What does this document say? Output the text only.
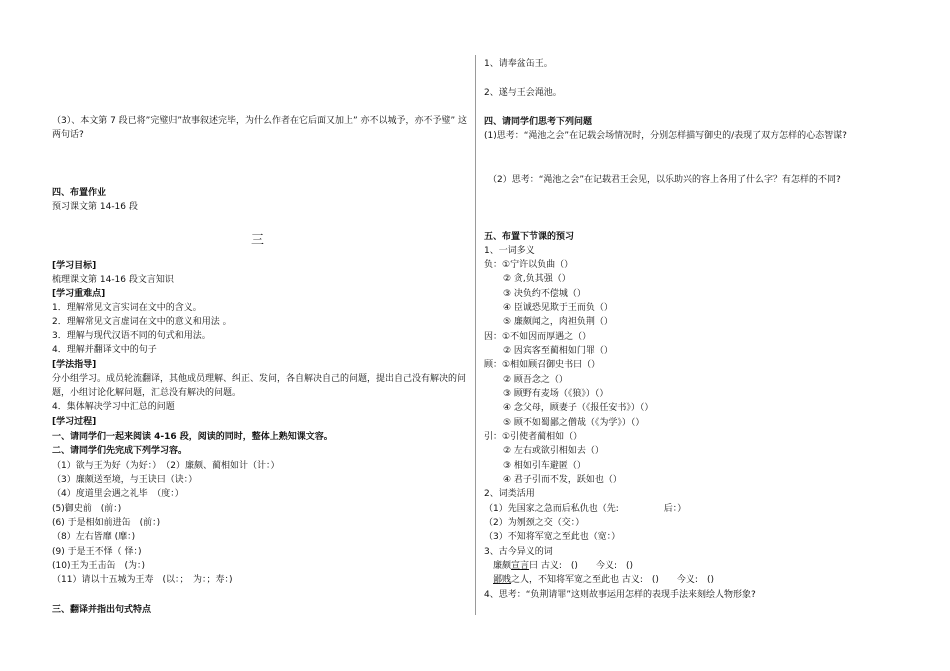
（3）、本文第 7 段已将”完璧归”故事叙述完毕，为什么作者在它后面又加上” 亦不以城予，亦不予璧” 这两句话?
四、布置作业
预习课文第 14-16 段
三
[学习目标]
梳理课文第 14-16 段文言知识
[学习重难点]
1．理解常见文言实词在文中的含义。
2．理解常见文言虚词在文中的意义和用法 。
3．理解与现代汉语不同的句式和用法。
4．理解并翻译文中的句子
[学法指导]
分小组学习。成员轮流翻译，其他成员理解、纠正、发问，各自解决自己的问题，提出自己没有解决的问题，小组讨论化解问题，汇总没有解决的问题。
4．集体解决学习中汇总的问题
[学习过程]
一、请同学们一起来阅读 4-16 段，阅读的同时，整体上熟知课文容。
二、请同学们先完成下列学习容。
（1）欲与王为好（为好：）　（2）廉颇、蔺相如计（计：）
（3）廉颇送至境，与王诀曰（诀：）
（4）度道里会遇之礼毕　（度：）
(5)御史前　(前：)
(6) 于是相如前进缶　(前：)
（8）左右皆靡 (靡：)
(9) 于是王不怿（ 怿：)
(10)王为王击缶　(为：)
（11）请以十五城为王寿　(以：；　为：；寿：)
三、翻译并指出句式特点
1、请奉盆缶王。
2、遂与王会渑池。
四、请同学们思考下列问题
(1)思考：“渑池之会”在记载会场情况时，分别怎样描写御史的/表现了双方怎样的心态智谋?
（2）思考：“渑池之会”在记载君王会见，以乐助兴的容上各用了什么字？有怎样的不同?
五、布置下节课的预习
1、一词多义
负：①宁许以负曲（）
② 贪,负其强（）
③ 决负约不偿城（）
④ 臣诚恐见欺于王而负（）
⑤ 廉颇闻之，肉袒负荆（）
因：①不如因而厚遇之（）
② 因宾客至蔺相如门罪（）
顾：①相如顾召御史书曰（）
② 顾吾念之（）
③ 顾野有麦场（《狼》）（）
④ 念父母，顾妻子（《报任安书》）（）
⑤ 顾不如蜀鄙之僧哉（《为学》）（）
引：①引使者蔺相如（）
② 左右或欲引相如去（）
③ 相如引车避匿（）
④ 君子引而不发，跃如也（）
2、词类活用
（1）先国家之急而后私仇也（先:　　　　　后：）
（2）为刎颈之交（交：）
（3）不知将军宽之至此也（宽：）
3、古今异义的词
廉颇宣言曰 古义:　()　　今义:　()
鄙贱之人，不知将军宽之至此也 古义:　()　　今义:　()
4、思考：“负荆请罪”这则故事运用怎样的表现手法来刻绘人物形象?
